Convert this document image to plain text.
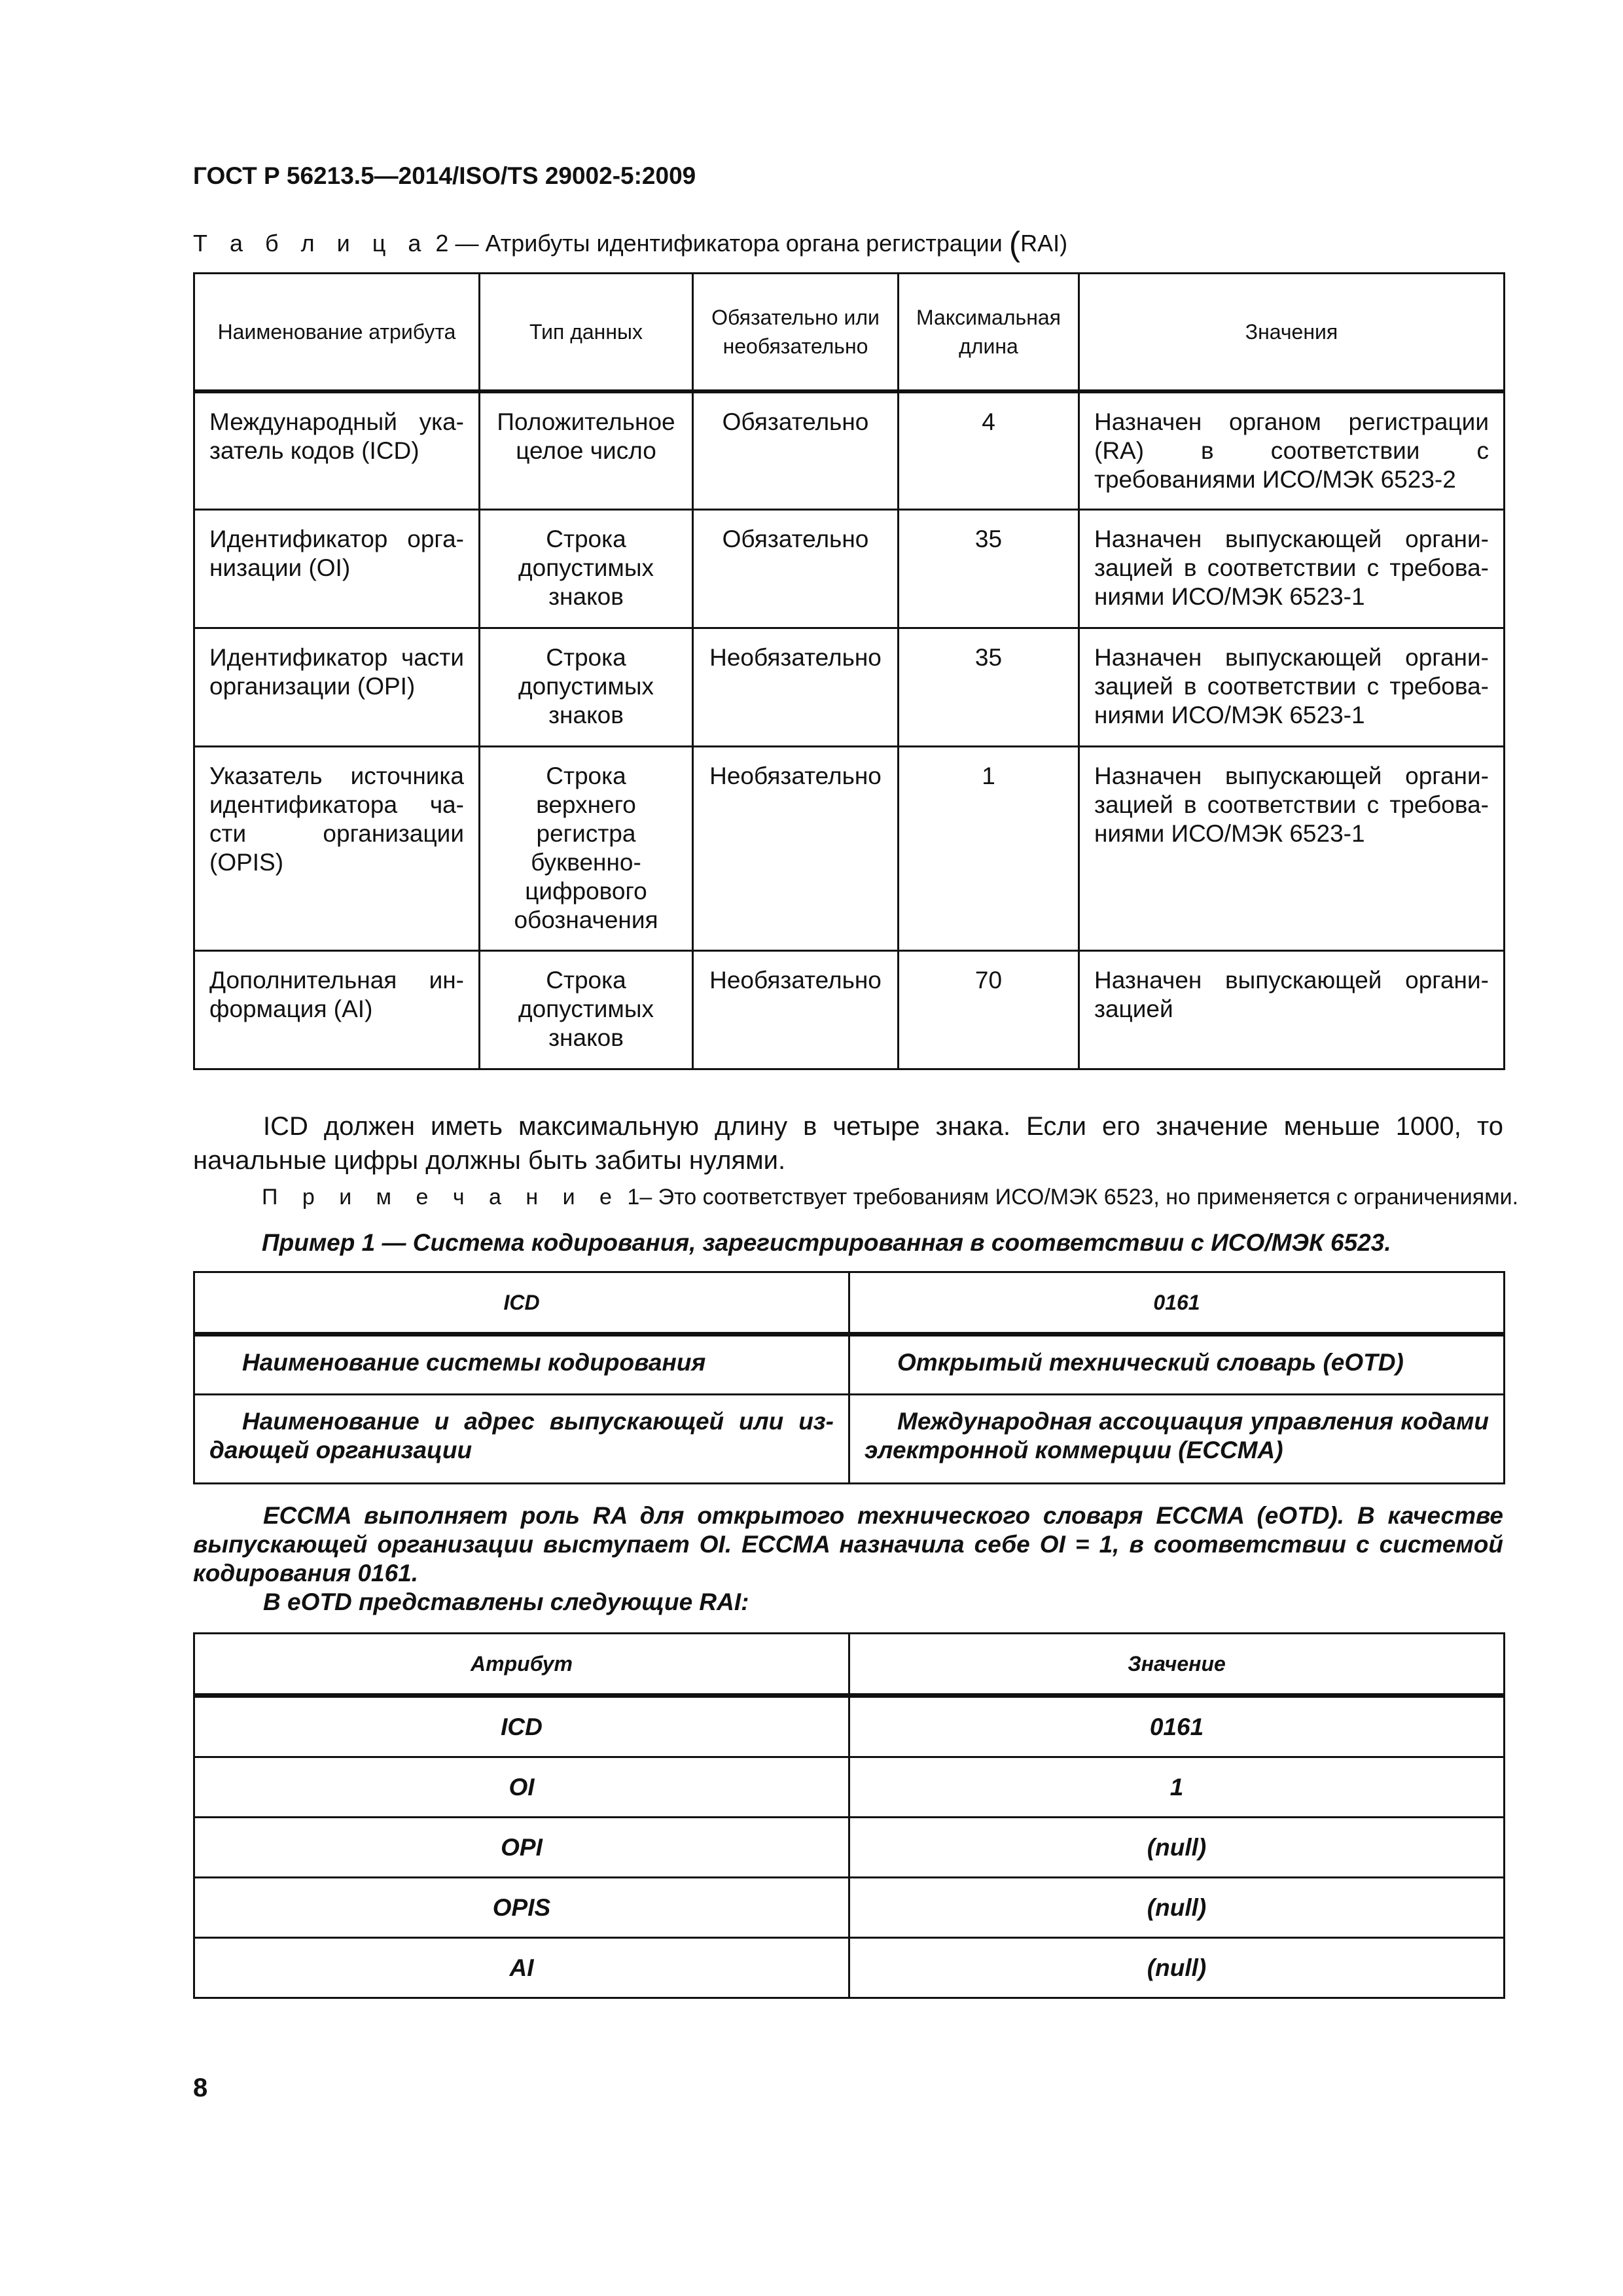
ГОСТ Р 56213.5—2014/ISO/TS 29002-5:2009
Т а б л и ц а 2 — Атрибуты идентификатора органа регистрации (RAI)
Наименование атрибута	Тип данных	Обязательно или необязательно	Максимальная длина	Значения
Международный указатель кодов (ICD)	Положительное целое число	Обязательно	4	Назначен органом регистрации (RA) в соответствии с требованиями ИСО/МЭК 6523-2
Идентификатор организации (OI)	Строка допустимых знаков	Обязательно	35	Назначен выпускающей организацией в соответствии с требованиями ИСО/МЭК 6523-1
Идентификатор части организации (OPI)	Строка допустимых знаков	Необязательно	35	Назначен выпускающей организацией в соответствии с требованиями ИСО/МЭК 6523-1
Указатель источника идентификатора части организации (OPIS)	Строка верхнего регистра буквенно-цифрового обозначения	Необязательно	1	Назначен выпускающей организацией в соответствии с требованиями ИСО/МЭК 6523-1
Дополнительная информация (AI)	Строка допустимых знаков	Необязательно	70	Назначен выпускающей организацией
ICD должен иметь максимальную длину в четыре знака. Если его значение меньше 1000, то начальные цифры должны быть забиты нулями.
П р и м е ч а н и е 1– Это соответствует требованиям ИСО/МЭК 6523, но применяется с ограничениями.
Пример 1 — Система кодирования, зарегистрированная в соответствии с ИСО/МЭК 6523.
ICD	0161
Наименование системы кодирования	Открытый технический словарь (eOTD)
Наименование и адрес выпускающей или издающей организации	Международная ассоциация управления кодами электронной коммерции (ECCMA)
ECCMA выполняет роль RA для открытого технического словаря ECCMA (eOTD). В качестве выпускающей организации выступает OI. ECCMA назначила себе OI = 1, в соответствии с системой кодирования 0161.
В eOTD представлены следующие RAI:
Атрибут	Значение
ICD	0161
OI	1
OPI	(null)
OPIS	(null)
AI	(null)
8
